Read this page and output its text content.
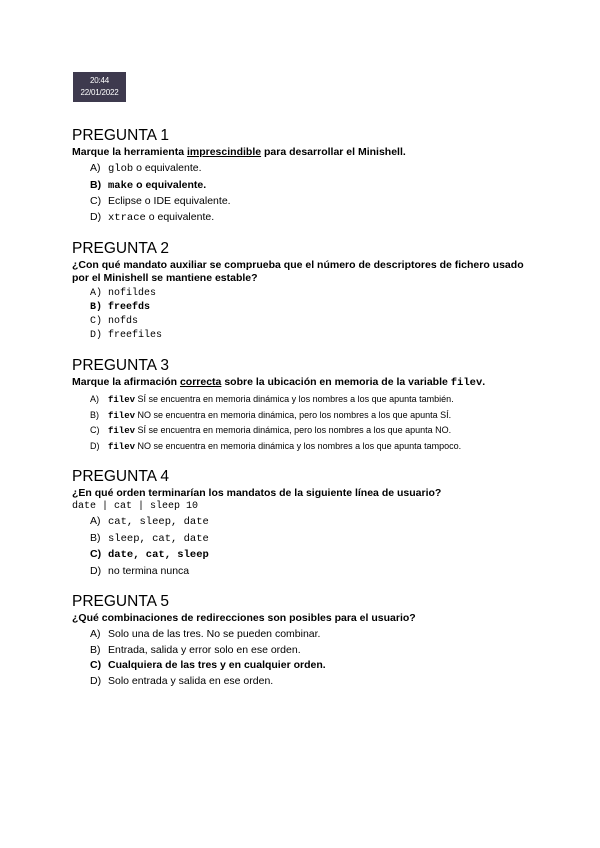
20:44
22/01/2022
PREGUNTA 1

Marque la herramienta imprescindible para desarrollar el Minishell.

A) glob o equivalente.
B) make o equivalente.
C) Eclipse o IDE equivalente.
D) xtrace o equivalente.
PREGUNTA 2

¿Con qué mandato auxiliar se comprueba que el número de descriptores de fichero usado por el Minishell se mantiene estable?

A) nofildes
B) freefds
C) nofds
D) freefiles
PREGUNTA 3

Marque la afirmación correcta sobre la ubicación en memoria de la variable filev.

A) filev SÍ se encuentra en memoria dinámica y los nombres a los que apunta también.
B) filev NO se encuentra en memoria dinámica, pero los nombres a los que apunta SÍ.
C) filev SÍ se encuentra en memoria dinámica, pero los nombres a los que apunta NO.
D) filev NO se encuentra en memoria dinámica y los nombres a los que apunta tampoco.
PREGUNTA 4

¿En qué orden terminarían los mandatos de la siguiente línea de usuario?

date | cat | sleep 10
A) cat, sleep, date
B) sleep, cat, date
C) date, cat, sleep
D) no termina nunca
PREGUNTA 5

¿Qué combinaciones de redirecciones son posibles para el usuario?

A) Solo una de las tres. No se pueden combinar.
B) Entrada, salida y error solo en ese orden.
C) Cualquiera de las tres y en cualquier orden.
D) Solo entrada y salida en ese orden.
